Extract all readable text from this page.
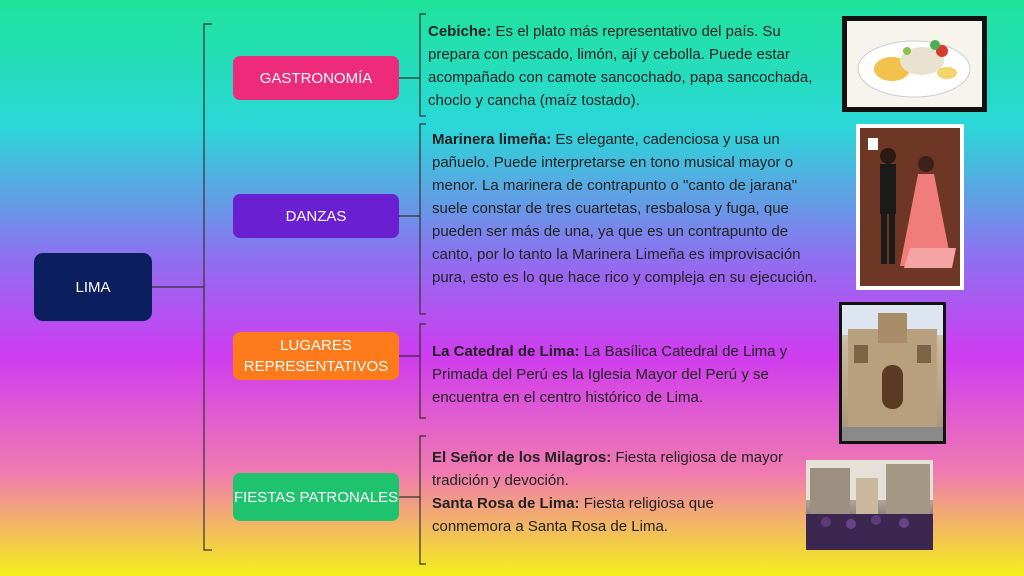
LIMA
GASTRONOMÍA
DANZAS
LUGARES REPRESENTATIVOS
FIESTAS PATRONALES
Cebiche: Es el plato más representativo del país. Su prepara con pescado, limón, ají y cebolla. Puede estar acompañado con camote sancochado, papa sancochada, choclo y cancha (maíz tostado).
Marinera limeña: Es elegante, cadenciosa y usa un pañuelo. Puede interpretarse en tono musical mayor o menor. La marinera de contrapunto o "canto de jarana" suele constar de tres cuartetas, resbalosa y fuga, que pueden ser más de una, ya que es un contrapunto de canto, por lo tanto la Marinera Limeña es improvisación pura, esto es lo que hace rico y compleja en su ejecución.
La Catedral de Lima: La Basílica Catedral de Lima y Primada del Perú es la Iglesia Mayor del Perú y se encuentra en el centro histórico de Lima.
El Señor de los Milagros: Fiesta religiosa de mayor tradición y devoción.
Santa Rosa de Lima: Fiesta religiosa que conmemora a Santa Rosa de Lima.
